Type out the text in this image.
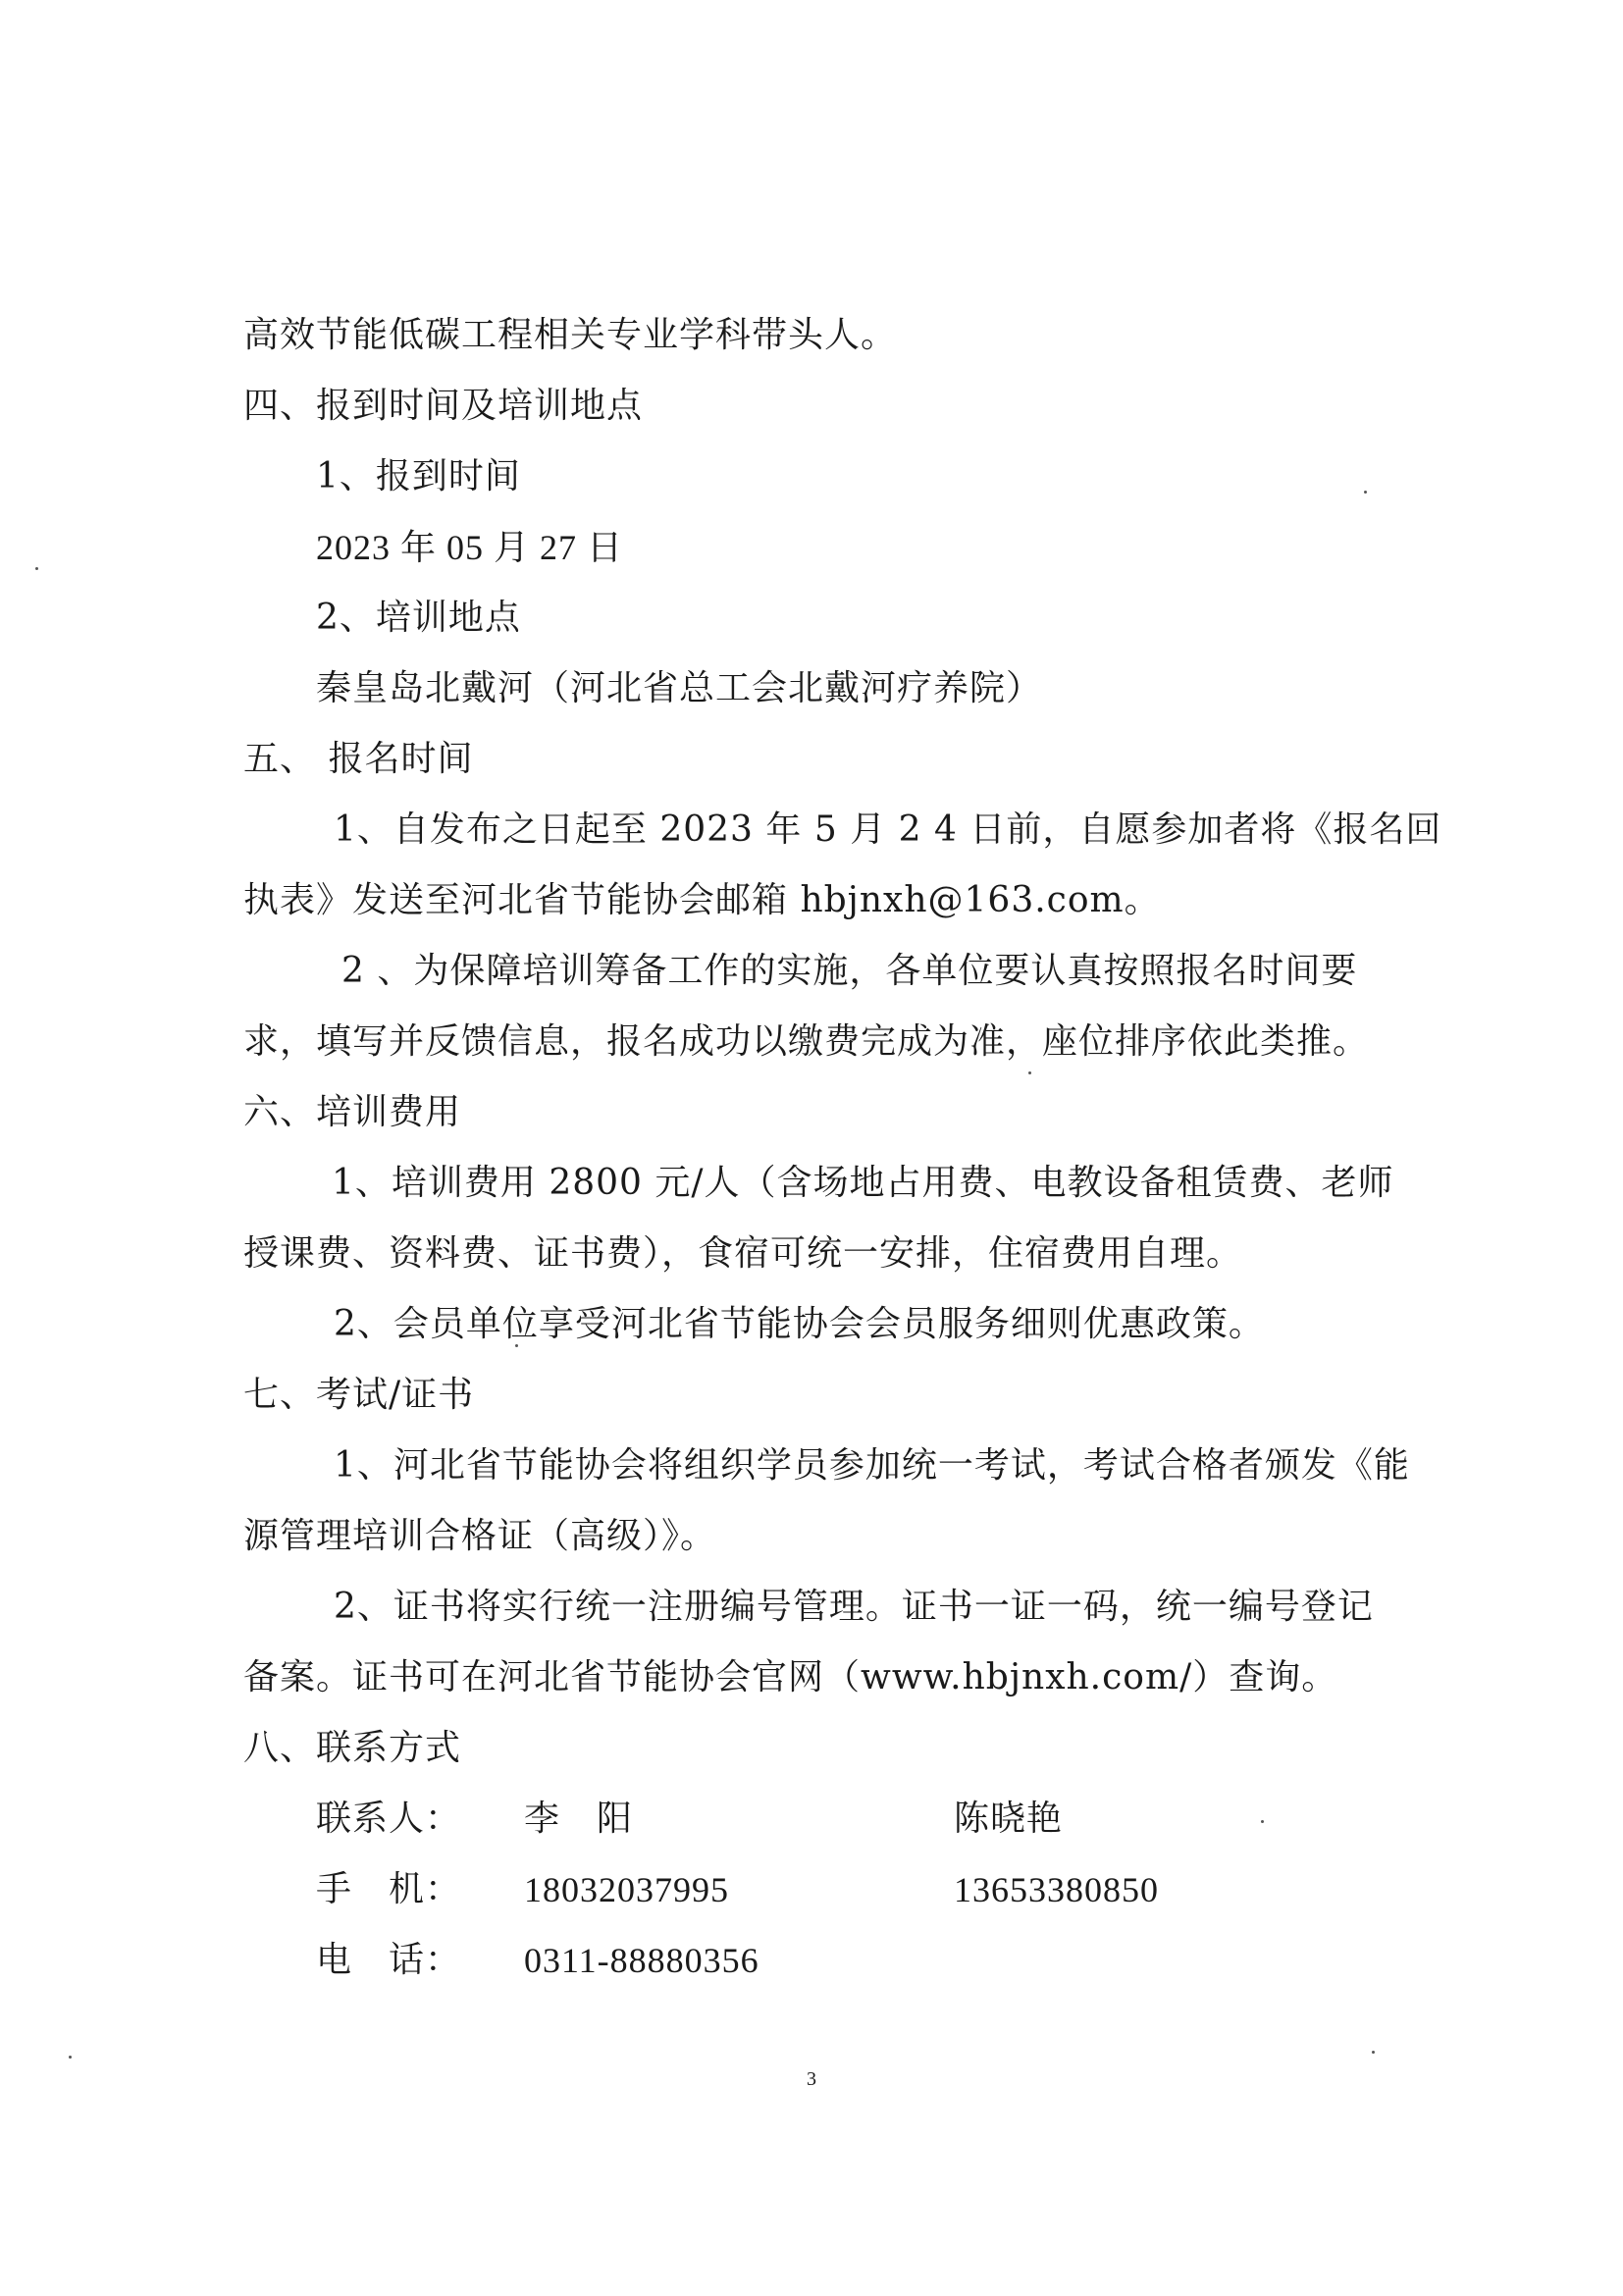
高效节能低碳工程相关专业学科带头人。
四、报到时间及培训地点
1、报到时间
2023 年 05 月 27 日
2、培训地点
秦皇岛北戴河（河北省总工会北戴河疗养院）
五、 报名时间
1、自发布之日起至 2023 年 5 月 2 4 日前，自愿参加者将《报名回
执表》发送至河北省节能协会邮箱 hbjnxh@163.com。
2 、为保障培训筹备工作的实施，各单位要认真按照报名时间要
求，填写并反馈信息，报名成功以缴费完成为准，座位排序依此类推。
六、培训费用
1、培训费用 2800 元/人（含场地占用费、电教设备租赁费、老师
授课费、资料费、证书费），食宿可统一安排，住宿费用自理。
2、会员单位享受河北省节能协会会员服务细则优惠政策。
七、考试/证书
1、河北省节能协会将组织学员参加统一考试，考试合格者颁发《能
源管理培训合格证（高级）》。
2、证书将实行统一注册编号管理。证书一证一码，统一编号登记
备案。证书可在河北省节能协会官网（www.hbjnxh.com/）查询。
八、联系方式
联系人： 李　阳	陈晓艳
手　机： 18032037995	13653380850
电　话： 0311-88880356
3
